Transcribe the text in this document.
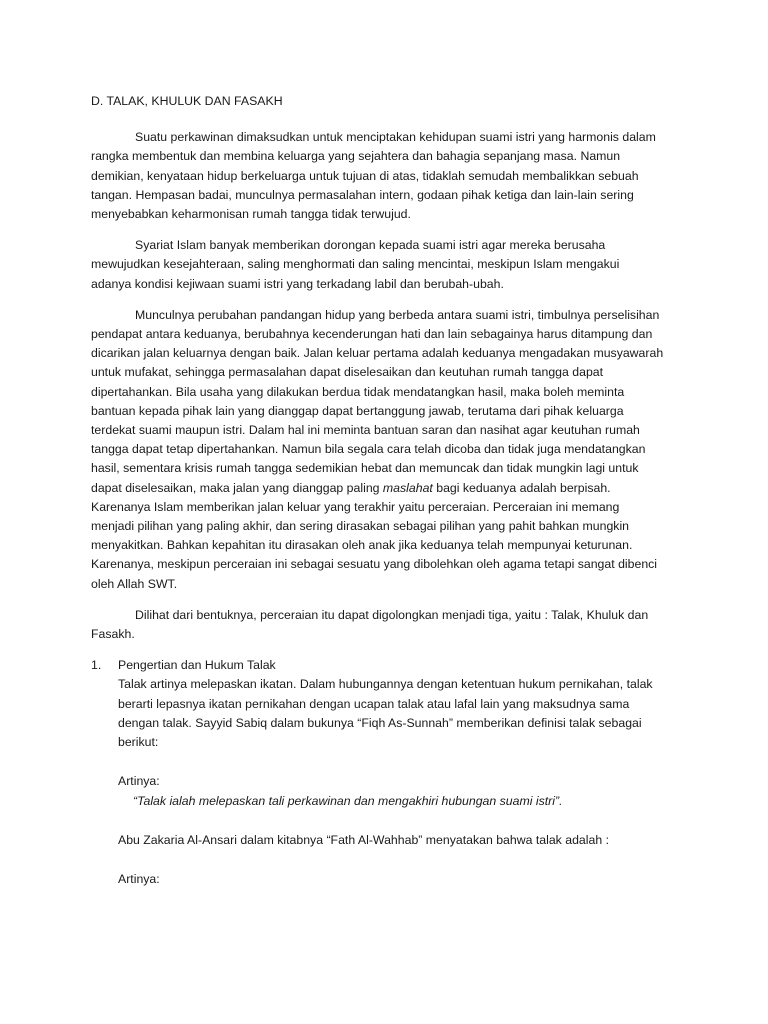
D. TALAK, KHULUK DAN FASAKH
Suatu perkawinan dimaksudkan untuk menciptakan kehidupan suami istri yang harmonis dalam
rangka membentuk dan membina keluarga yang sejahtera dan bahagia sepanjang masa. Namun
demikian, kenyataan hidup berkeluarga untuk tujuan di atas, tidaklah semudah membalikkan sebuah
tangan. Hempasan badai, munculnya permasalahan intern, godaan pihak ketiga dan lain-lain sering
menyebabkan keharmonisan rumah tangga tidak terwujud.
Syariat Islam banyak memberikan dorongan kepada suami istri agar mereka berusaha
mewujudkan kesejahteraan, saling menghormati dan saling mencintai, meskipun Islam mengakui
adanya kondisi kejiwaan suami istri yang terkadang labil dan berubah-ubah.
Munculnya perubahan pandangan hidup yang berbeda antara suami istri, timbulnya perselisihan
pendapat antara keduanya, berubahnya kecenderungan hati dan lain sebagainya harus ditampung dan
dicarikan jalan keluarnya dengan baik. Jalan keluar pertama adalah keduanya mengadakan musyawarah
untuk mufakat, sehingga permasalahan dapat diselesaikan dan keutuhan rumah tangga dapat
dipertahankan. Bila usaha yang dilakukan berdua tidak mendatangkan hasil, maka boleh meminta
bantuan kepada pihak lain yang dianggap dapat bertanggung jawab, terutama dari pihak keluarga
terdekat suami maupun istri. Dalam hal ini meminta bantuan saran dan nasihat agar keutuhan rumah
tangga dapat tetap dipertahankan. Namun bila segala cara telah dicoba dan tidak juga mendatangkan
hasil, sementara krisis rumah tangga sedemikian hebat dan memuncak dan tidak mungkin lagi untuk
dapat diselesaikan, maka jalan yang dianggap paling maslahat bagi keduanya adalah berpisah.
Karenanya Islam memberikan jalan keluar yang terakhir yaitu perceraian. Perceraian ini memang
menjadi pilihan yang paling akhir, dan sering dirasakan sebagai pilihan yang pahit bahkan mungkin
menyakitkan. Bahkan kepahitan itu dirasakan oleh anak jika keduanya telah mempunyai keturunan.
Karenanya, meskipun perceraian ini sebagai sesuatu yang dibolehkan oleh agama tetapi sangat dibenci
oleh Allah SWT.
Dilihat dari bentuknya, perceraian itu dapat digolongkan menjadi tiga, yaitu : Talak, Khuluk dan
Fasakh.
1. Pengertian dan Hukum Talak
Talak artinya melepaskan ikatan. Dalam hubungannya dengan ketentuan hukum pernikahan, talak
berarti lepasnya ikatan pernikahan dengan ucapan talak atau lafal lain yang maksudnya sama
dengan talak. Sayyid Sabiq dalam bukunya “Fiqh As-Sunnah” memberikan definisi talak sebagai
berikut:
Artinya:
“Talak ialah melepaskan tali perkawinan dan mengakhiri hubungan suami istri”.
Abu Zakaria Al-Ansari dalam kitabnya “Fath Al-Wahhab” menyatakan bahwa talak adalah :
Artinya:
